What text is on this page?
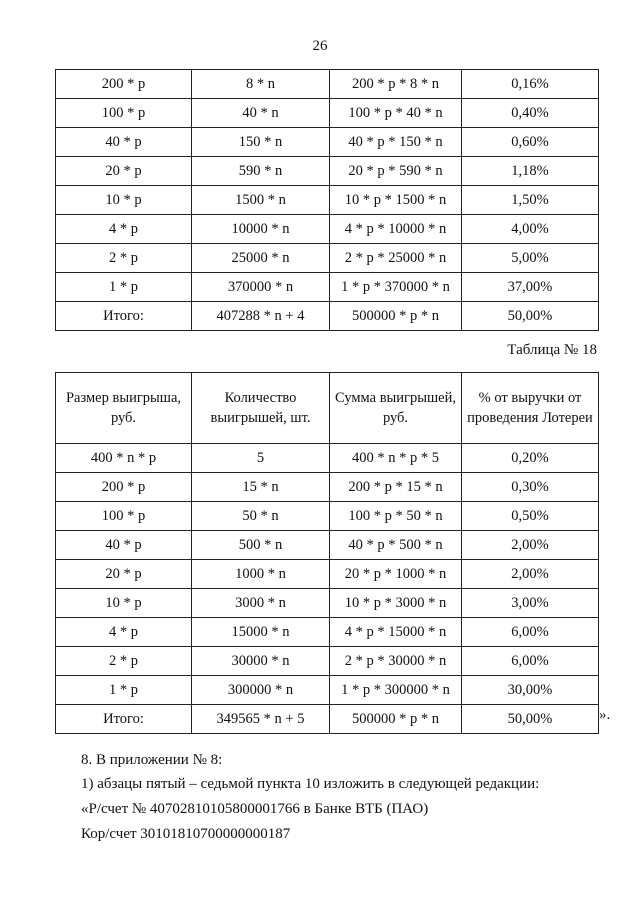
26
200 * p	8 * n	200 * p * 8 * n	0,16%
100 * p	40 * n	100 * p * 40 * n	0,40%
40 * p	150 * n	40 * p * 150 * n	0,60%
20 * p	590 * n	20 * p * 590 * n	1,18%
10 * p	1500 * n	10 * p * 1500 * n	1,50%
4 * p	10000 * n	4 * p * 10000 * n	4,00%
2 * p	25000 * n	2 * p * 25000 * n	5,00%
1 * p	370000 * n	1 * p * 370000 * n	37,00%
Итого:	407288 * n + 4	500000 * p * n	50,00%
Таблица № 18
Размер выигрыша, руб.	Количество выигрышей, шт.	Сумма выигрышей, руб.	% от выручки от проведения Лотереи
400 * n * p	5	400 * n * p * 5	0,20%
200 * p	15 * n	200 * p * 15 * n	0,30%
100 * p	50 * n	100 * p * 50 * n	0,50%
40 * p	500 * n	40 * p * 500 * n	2,00%
20 * p	1000 * n	20 * p * 1000 * n	2,00%
10 * p	3000 * n	10 * p * 3000 * n	3,00%
4 * p	15000 * n	4 * p * 15000 * n	6,00%
2 * p	30000 * n	2 * p * 30000 * n	6,00%
1 * p	300000 * n	1 * p * 300000 * n	30,00%
Итого:	349565 * n + 5	500000 * p * n	50,00%	».
8. В приложении № 8:
1) абзацы пятый – седьмой пункта 10 изложить в следующей редакции:
«Р/счет № 40702810105800001766 в Банке ВТБ (ПАО)
Кор/счет 30101810700000000187
